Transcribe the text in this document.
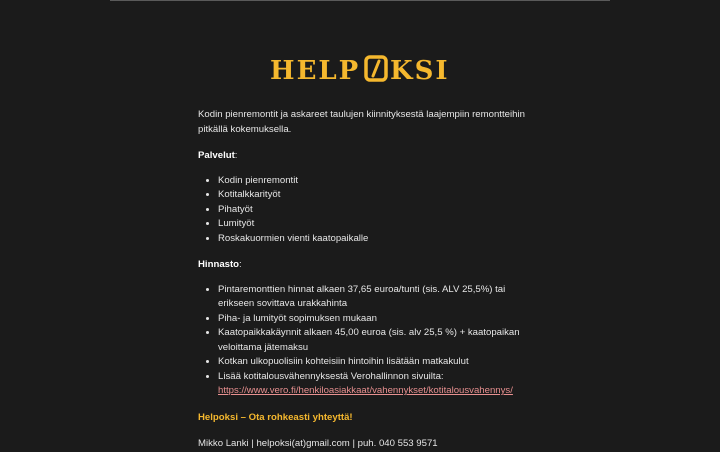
HELP KSI

Kodin pienremontit ja askareet taulujen kiinnityksestä laajempiin remontteihin pitkällä kokemuksella.

Palvelut:

• Kodin pienremontit
• Kotitalkkarityöt
• Pihatyöt
• Lumityöt
• Roskakuormien vienti kaatopaikalle

Hinnasto:

• Pintaremonttien hinnat alkaen 37,65 euroa/tunti (sis. ALV 25,5%) tai erikseen sovittava urakkahinta
• Piha- ja lumityöt sopimuksen mukaan
• Kaatopaikkakäynnit alkaen 45,00 euroa (sis. alv 25,5 %) + kaatopaikan veloittama jätemaksu
• Kotkan ulkopuolisiin kohteisiin hintoihin lisätään matkakulut
• Lisää kotitalousvähennyksestä Verohallinnon sivuilta:
https://www.vero.fi/henkiloasiakkaat/vahennykset/kotitalousvahennys/

Helpoksi – Ota rohkeasti yhteyttä!

Mikko Lanki | helpoksi(at)gmail.com | puh. 040 553 9571
